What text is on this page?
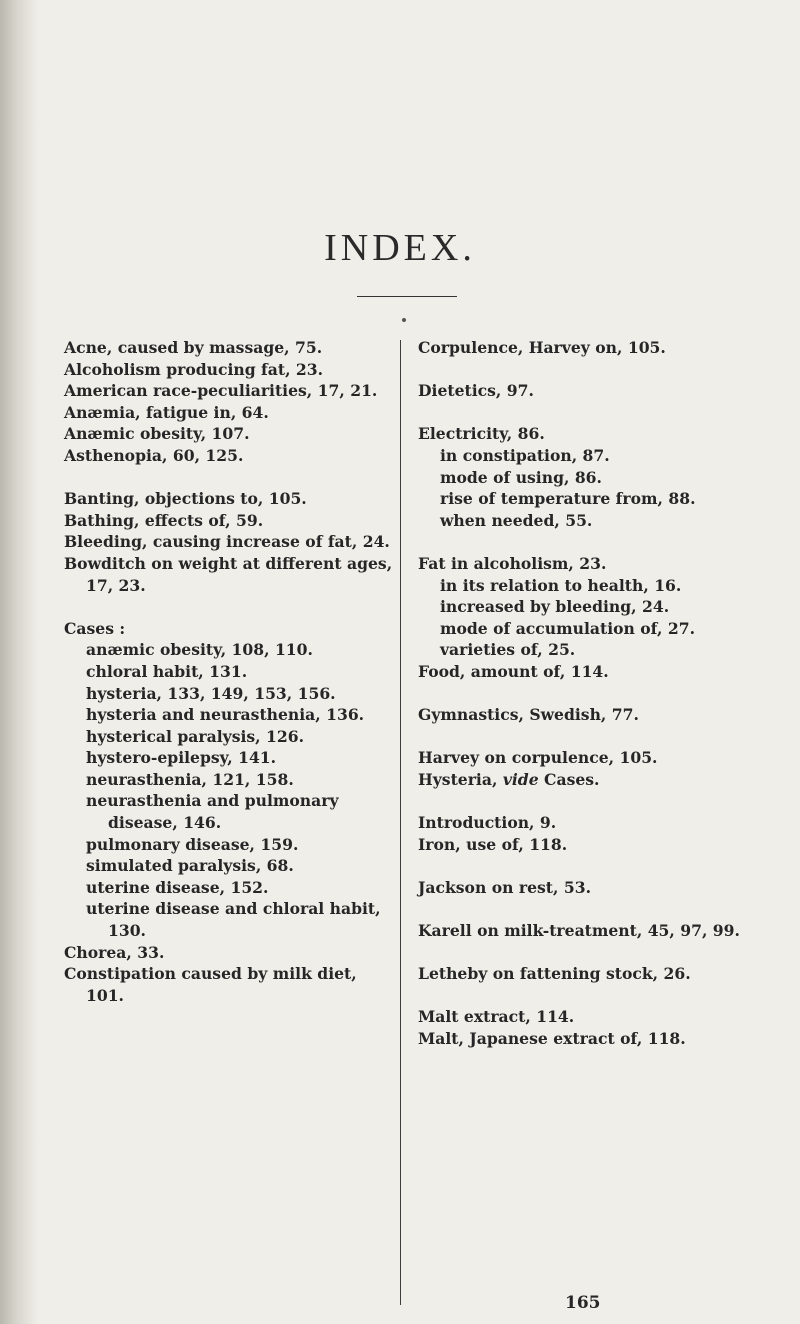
INDEX.
Acne, caused by massage, 75.
Alcoholism producing fat, 23.
American race-peculiarities, 17, 21.
Anæmia, fatigue in, 64.
Anæmic obesity, 107.
Asthenopia, 60, 125.
Banting, objections to, 105.
Bathing, effects of, 59.
Bleeding, causing increase of fat, 24.
Bowditch on weight at different ages, 17, 23.
Cases :
anæmic obesity, 108, 110.
chloral habit, 131.
hysteria, 133, 149, 153, 156.
hysteria and neurasthenia, 136.
hysterical paralysis, 126.
hystero-epilepsy, 141.
neurasthenia, 121, 158.
neurasthenia and pulmonary disease, 146.
pulmonary disease, 159.
simulated paralysis, 68.
uterine disease, 152.
uterine disease and chloral habit, 130.
Chorea, 33.
Constipation caused by milk diet, 101.
Corpulence, Harvey on, 105.
Dietetics, 97.
Electricity, 86.
in constipation, 87.
mode of using, 86.
rise of temperature from, 88.
when needed, 55.
Fat in alcoholism, 23.
in its relation to health, 16.
increased by bleeding, 24.
mode of accumulation of, 27.
varieties of, 25.
Food, amount of, 114.
Gymnastics, Swedish, 77.
Harvey on corpulence, 105.
Hysteria, vide Cases.
Introduction, 9.
Iron, use of, 118.
Jackson on rest, 53.
Karell on milk-treatment, 45, 97, 99.
Letheby on fattening stock, 26.
Malt extract, 114.
Malt, Japanese extract of, 118.
165
